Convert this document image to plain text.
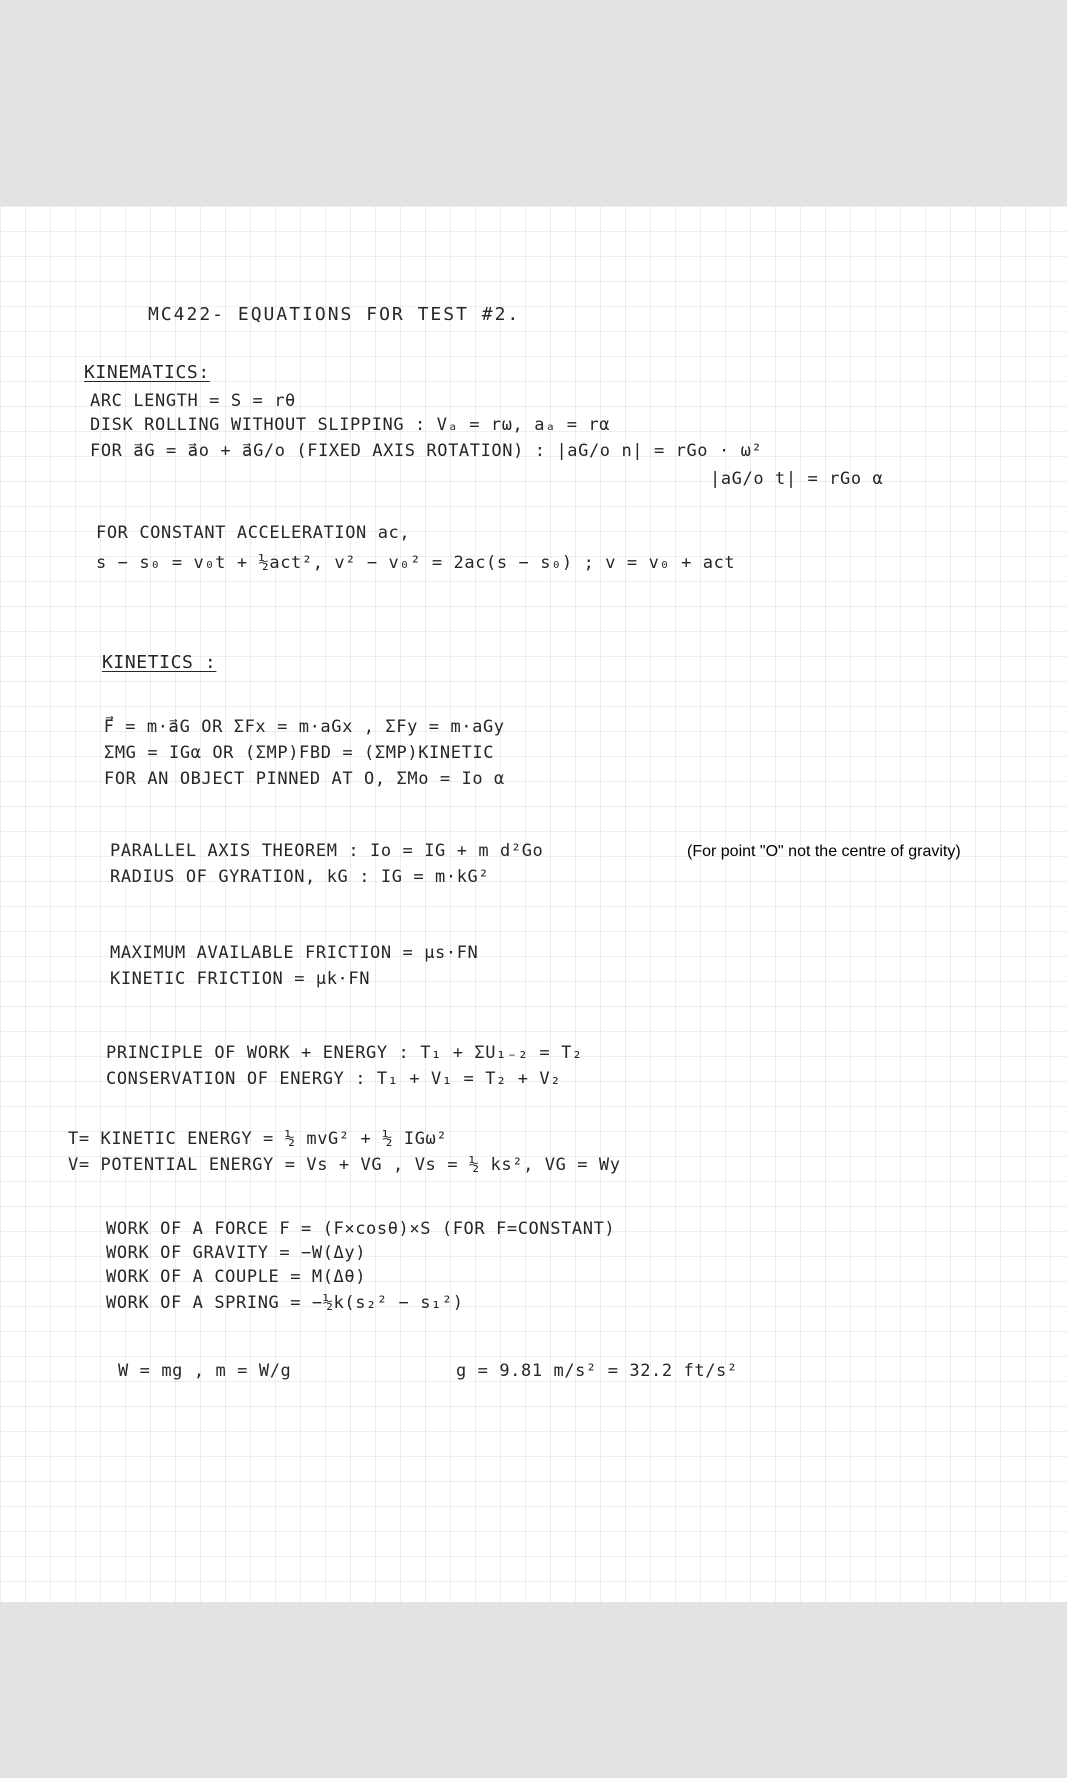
MC422- EQUATIONS FOR TEST #2.
KINEMATICS:
ARC LENGTH = S = rθ
DISK ROLLING WITHOUT SLIPPING : Vₐ = rω, aₐ = rα
FOR a⃗G = a⃗o + a⃗G/o (FIXED AXIS ROTATION) : |aG/o n| = rGo · ω²
|aG/o t| = rGo α
FOR CONSTANT ACCELERATION ac,
s − s₀ = v₀t + ½act², v² − v₀² = 2ac(s − s₀) ; v = v₀ + act
KINETICS :
F⃗ = m·a⃗G OR ΣFx = m·aGx , ΣFy = m·aGy
ΣMG = IGα OR (ΣMP)FBD = (ΣMP)KINETIC
FOR AN OBJECT PINNED AT O, ΣMo = Io α
PARALLEL AXIS THEOREM : Io = IG + m d²Go	(For point "O" not the centre of gravity)
RADIUS OF GYRATION, kG : IG = m·kG²
MAXIMUM AVAILABLE FRICTION = μs·FN
KINETIC FRICTION = μk·FN
PRINCIPLE OF WORK + ENERGY : T₁ + ΣU₁₋₂ = T₂
CONSERVATION OF ENERGY : T₁ + V₁ = T₂ + V₂
T= KINETIC ENERGY = ½ mvG² + ½ IGω²
V= POTENTIAL ENERGY = Vs + VG , Vs = ½ ks², VG = Wy
WORK OF A FORCE F = (F×cosθ)×S (FOR F=CONSTANT)
WORK OF GRAVITY = −W(Δy)
WORK OF A COUPLE = M(Δθ)
WORK OF A SPRING = −½k(s₂² − s₁²)
W = mg , m = W/g	g = 9.81 m/s² = 32.2 ft/s²
